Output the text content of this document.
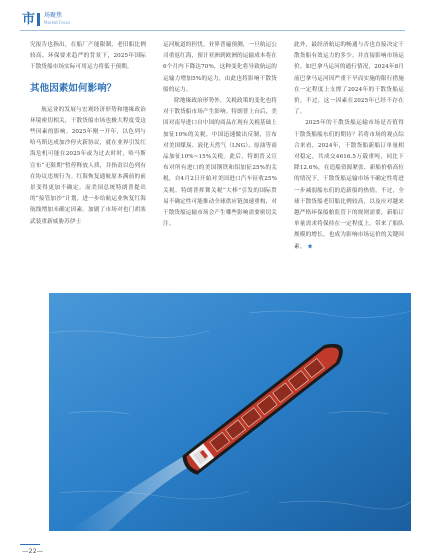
市 场聚焦
Market Focus

究报告也指出，在船厂产能限制、老旧船比例较高、环保要求趋严的背景下，2025年国际干散货船市场实际可用运力将低于预期。

其他因素如何影响？

航运业的发展与宏观经济形势和地缘政治环境密切相关，干散货船市场也极大程度受这些因素的影响。2025年刚一开年，以色列与哈马斯达成加沙停火新协议，就在业界引发红海危机可能在2025年或为过去时时，哈马斯宣布“无限期”暂停释放人质，并指责以色列有在协议违规行为。红海恢复通航原本满前的前景变得更加不确定。而美国总统特朗普提出的“接管加沙”计划，进一步给航运业恢复红海航线增加未确定因素。加剧了市场对也门胡塞武装重新威胁苏伊士

运河航道的担忧。业界普遍预测，一旦航运公司重返红海，预计亚洲到欧洲的运输成本将在6个月内下降达70%，这种变化将导致航运的运输力增加5%的运力，由此也将影响干散货船的运力。

除地缘政治形势外，关税政策的变化也将对干散货船市场产生影响。特朗普上台后，美国对南导进口自中国的商品在现有关税基础上加征10%的关税。中国迅速做出反制，宣布对美国煤炭、液化天然气（LNG）、原油等商品加征10%~15%关税。此后，特朗普又宣布对所有进口的美国钢铁和铝加征25%的关税，自4月2日开始对美国进口汽车征收25%关税。特朗普挥舞关税“大棒”引发的国际贸易不确定性可能推动全球供应链加速重构，对干散货船运输市场会产生哪些影响需要密切关注。

此外，最经济航运的畅通与否也直接决定干散货船有效运力的多少。并直接影响市场运价。如巴拿马运河的通行情况，2024年8月前巴拿马运河因严重干旱而实施的限行措施在一定程度上支撑了2024年的干散货船运价，不过，这一因素在2025年已经不存在了。

2025年的干散货船运输市场是否值得干散货船船东们的期待？若将市场的观点综合来看，2024年，干散货船新船订单量相对稳定，共成交4616.5万载重吨，同比下降12.6%。在造船资源紧张、新船价格高位的情况下，干散货船运输市场不确定性将进一步减弱船东们的造新船的热情。不过，全球干散货船老旧船比例较高，以及应对越来越严格环保船舶监管下的规则需要，新船订单量需求将保持在一定程度上。带来了船队规模的增长，也成为影响市场运价的关键因素。 ★

—22—
